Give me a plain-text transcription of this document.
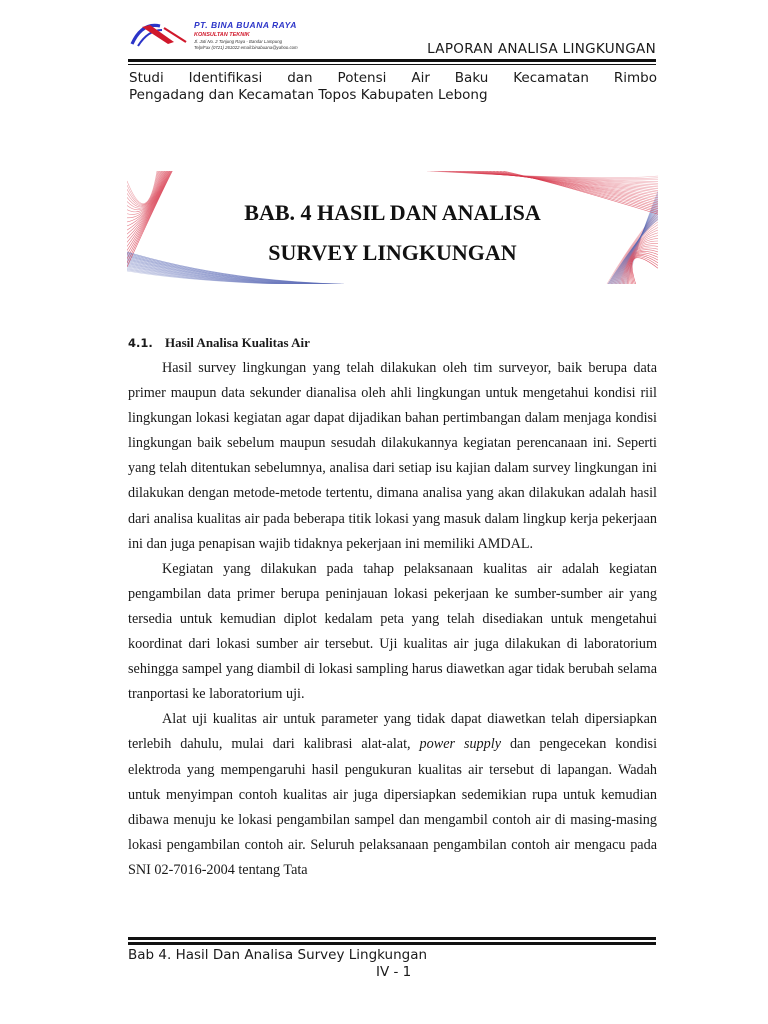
PT. BINA BUANA RAYA
KONSULTAN TEKNIK
Jl. Jati No. 2 Tanjung Raya - Bandar Lampung
Telp/Fax (0721) 261022 email:binabuana@yahoo.com	LAPORAN ANALISA LINGKUNGAN
Studi Identifikasi dan Potensi Air Baku Kecamatan Rimbo
Pengadang dan Kecamatan Topos Kabupaten Lebong
BAB. 4 HASIL DAN ANALISA
SURVEY LINGKUNGAN
4.1. Hasil Analisa Kualitas Air

Hasil survey lingkungan yang telah dilakukan oleh tim surveyor, baik berupa data primer maupun data sekunder dianalisa oleh ahli lingkungan untuk mengetahui kondisi riil lingkungan lokasi kegiatan agar dapat dijadikan bahan pertimbangan dalam menjaga kondisi lingkungan baik sebelum maupun sesudah dilakukannya kegiatan perencanaan ini. Seperti yang telah ditentukan sebelumnya, analisa dari setiap isu kajian dalam survey lingkungan ini dilakukan dengan metode-metode tertentu, dimana analisa yang akan dilakukan adalah hasil dari analisa kualitas air pada beberapa titik lokasi yang masuk dalam lingkup kerja pekerjaan ini dan juga penapisan wajib tidaknya pekerjaan ini memiliki AMDAL.

Kegiatan yang dilakukan pada tahap pelaksanaan kualitas air adalah kegiatan pengambilan data primer berupa peninjauan lokasi pekerjaan ke sumber-sumber air yang tersedia untuk kemudian diplot kedalam peta yang telah disediakan untuk mengetahui koordinat dari lokasi sumber air tersebut. Uji kualitas air juga dilakukan di laboratorium sehingga sampel yang diambil di lokasi sampling harus diawetkan agar tidak berubah selama tranportasi ke laboratorium uji.

Alat uji kualitas air untuk parameter yang tidak dapat diawetkan telah dipersiapkan terlebih dahulu, mulai dari kalibrasi alat-alat, power supply dan pengecekan kondisi elektroda yang mempengaruhi hasil pengukuran kualitas air tersebut di lapangan. Wadah untuk menyimpan contoh kualitas air juga dipersiapkan sedemikian rupa untuk kemudian dibawa menuju ke lokasi pengambilan sampel dan mengambil contoh air di masing-masing lokasi pengambilan contoh air. Seluruh pelaksanaan pengambilan contoh air mengacu pada SNI 02-7016-2004 tentang Tata

Bab 4. Hasil Dan Analisa Survey Lingkungan
IV - 1
